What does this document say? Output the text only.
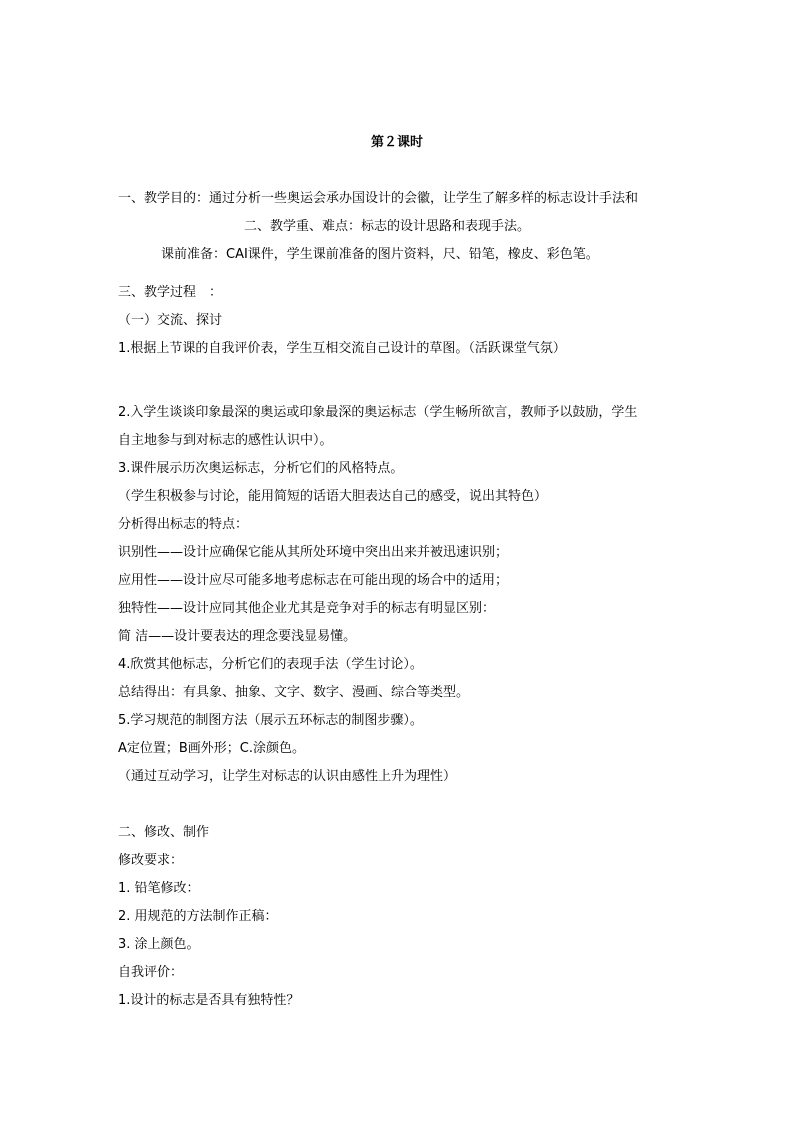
第２课时
一、教学目的：通过分析一些奥运会承办国设计的会徽，让学生了解多样的标志设计手法和
二、教学重、难点：标志的设计思路和表现手法。
课前准备：CAI课件，学生课前准备的图片资料，尺、铅笔，橡皮、彩色笔。
三、教学过程　：
（一）交流、探讨
1.根据上节课的自我评价表，学生互相交流自己设计的草图。（活跃课堂气氛）
2.入学生谈谈印象最深的奥运或印象最深的奥运标志（学生畅所欲言，教师予以鼓励，学生
自主地参与到对标志的感性认识中）。
3.课件展示历次奥运标志，分析它们的风格特点。
（学生积极参与讨论，能用简短的话语大胆表达自己的感受，说出其特色）
分析得出标志的特点：
识别性——设计应确保它能从其所处环境中突出出来并被迅速识别；
应用性——设计应尽可能多地考虑标志在可能出现的场合中的适用；
独特性——设计应同其他企业尤其是竞争对手的标志有明显区别：
简 洁——设计要表达的理念要浅显易懂。
4.欣赏其他标志，分析它们的表现手法（学生讨论）。
总结得出：有具象、抽象、文字、数字、漫画、综合等类型。
5.学习规范的制图方法（展示五环标志的制图步骤）。
A定位置；B画外形；C.涂颜色。
（通过互动学习，让学生对标志的认识由感性上升为理性）
二、修改、制作
修改要求：
1. 铅笔修改：
2. 用规范的方法制作正稿：
3. 涂上颜色。
自我评价：
1.设计的标志是否具有独特性？
